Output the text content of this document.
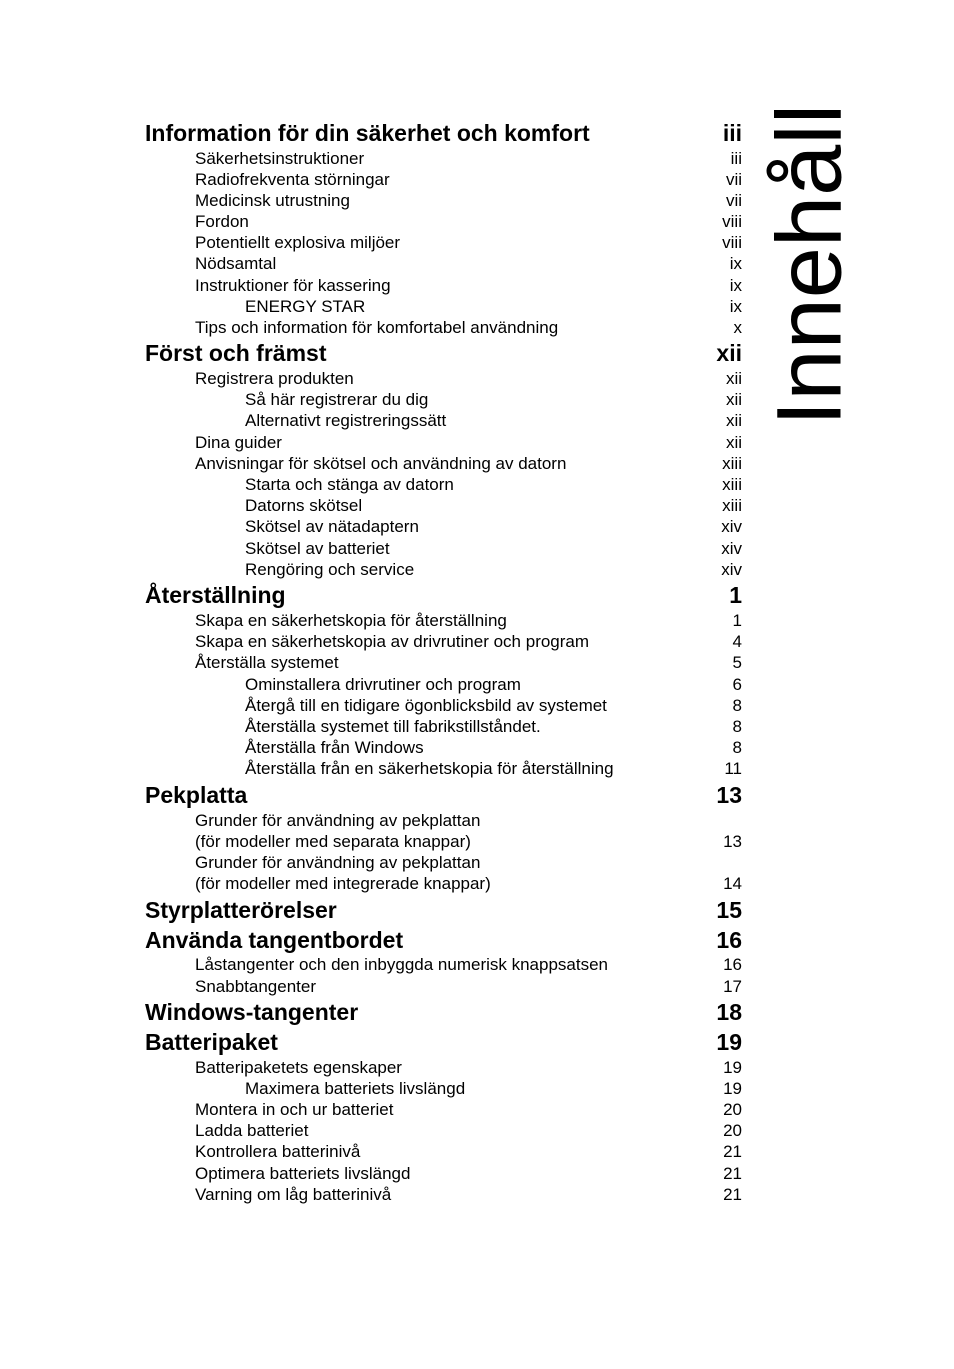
Innehåll
Information för din säkerhet och komfort	iii
Säkerhetsinstruktioner	iii
Radiofrekventa störningar	vii
Medicinsk utrustning	vii
Fordon	viii
Potentiellt explosiva miljöer	viii
Nödsamtal	ix
Instruktioner för kassering	ix
ENERGY STAR	ix
Tips och information för komfortabel användning	x
Först och främst	xii
Registrera produkten	xii
Så här registrerar du dig	xii
Alternativt registreringssätt	xii
Dina guider	xii
Anvisningar för skötsel och användning av datorn	xiii
Starta och stänga av datorn	xiii
Datorns skötsel	xiii
Skötsel av nätadaptern	xiv
Skötsel av batteriet	xiv
Rengöring och service	xiv
Återställning	1
Skapa en säkerhetskopia för återställning	1
Skapa en säkerhetskopia av drivrutiner och program	4
Återställa systemet	5
Ominstallera drivrutiner och program	6
Återgå till en tidigare ögonblicksbild av systemet	8
Återställa systemet till fabrikstillståndet.	8
Återställa från Windows	8
Återställa från en säkerhetskopia för återställning	11
Pekplatta	13
Grunder för användning av pekplattan
(för modeller med separata knappar)	13
Grunder för användning av pekplattan
(för modeller med integrerade knappar)	14
Styrplatterörelser	15
Använda tangentbordet	16
Låstangenter och den inbyggda numerisk knappsatsen	16
Snabbtangenter	17
Windows-tangenter	18
Batteripaket	19
Batteripaketets egenskaper	19
Maximera batteriets livslängd	19
Montera in och ur batteriet	20
Ladda batteriet	20
Kontrollera batterinivå	21
Optimera batteriets livslängd	21
Varning om låg batterinivå	21
